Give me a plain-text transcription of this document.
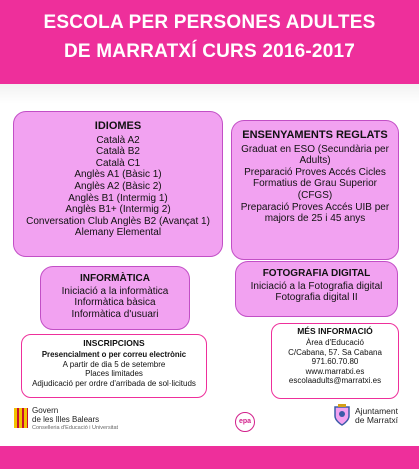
ESCOLA PER PERSONES ADULTES
DE MARRATXÍ CURS 2016-2017
IDIOMES
Català A2
Català B2
Català C1
Anglès A1 (Bàsic 1)
Anglès A2 (Bàsic 2)
Anglès B1 (Intermig 1)
Anglès B1+ (Intermig 2)
Conversation Club Anglès B2 (Avançat 1)
Alemany Elemental
ENSENYAMENTS REGLATS
Graduat en ESO (Secundària per
Adults)
Preparació Proves Accés Cicles
Formatius de Grau Superior
(CFGS)
Preparació Proves Accés UIB per
majors de 25 i 45 anys
INFORMÀTICA
Iniciació a la informàtica
Informàtica bàsica
Informàtica d'usuari
FOTOGRAFIA DIGITAL
Iniciació a la Fotografia digital
Fotografia digital II
INSCRIPCIONS
Presencialment o per correu electrònic
A partir de dia 5 de setembre
Places limitades
Adjudicació per ordre d'arribada de sol·licituds
MÉS INFORMACIÓ
Àrea d'Educació
C/Cabana, 57. Sa Cabana
971.60.70.80
www.marratxi.es
escolaadults@marratxi.es
Govern
de les Illes Balears
Conselleria d'Educació i Universitat
epa
Ajuntament
de Marratxí
